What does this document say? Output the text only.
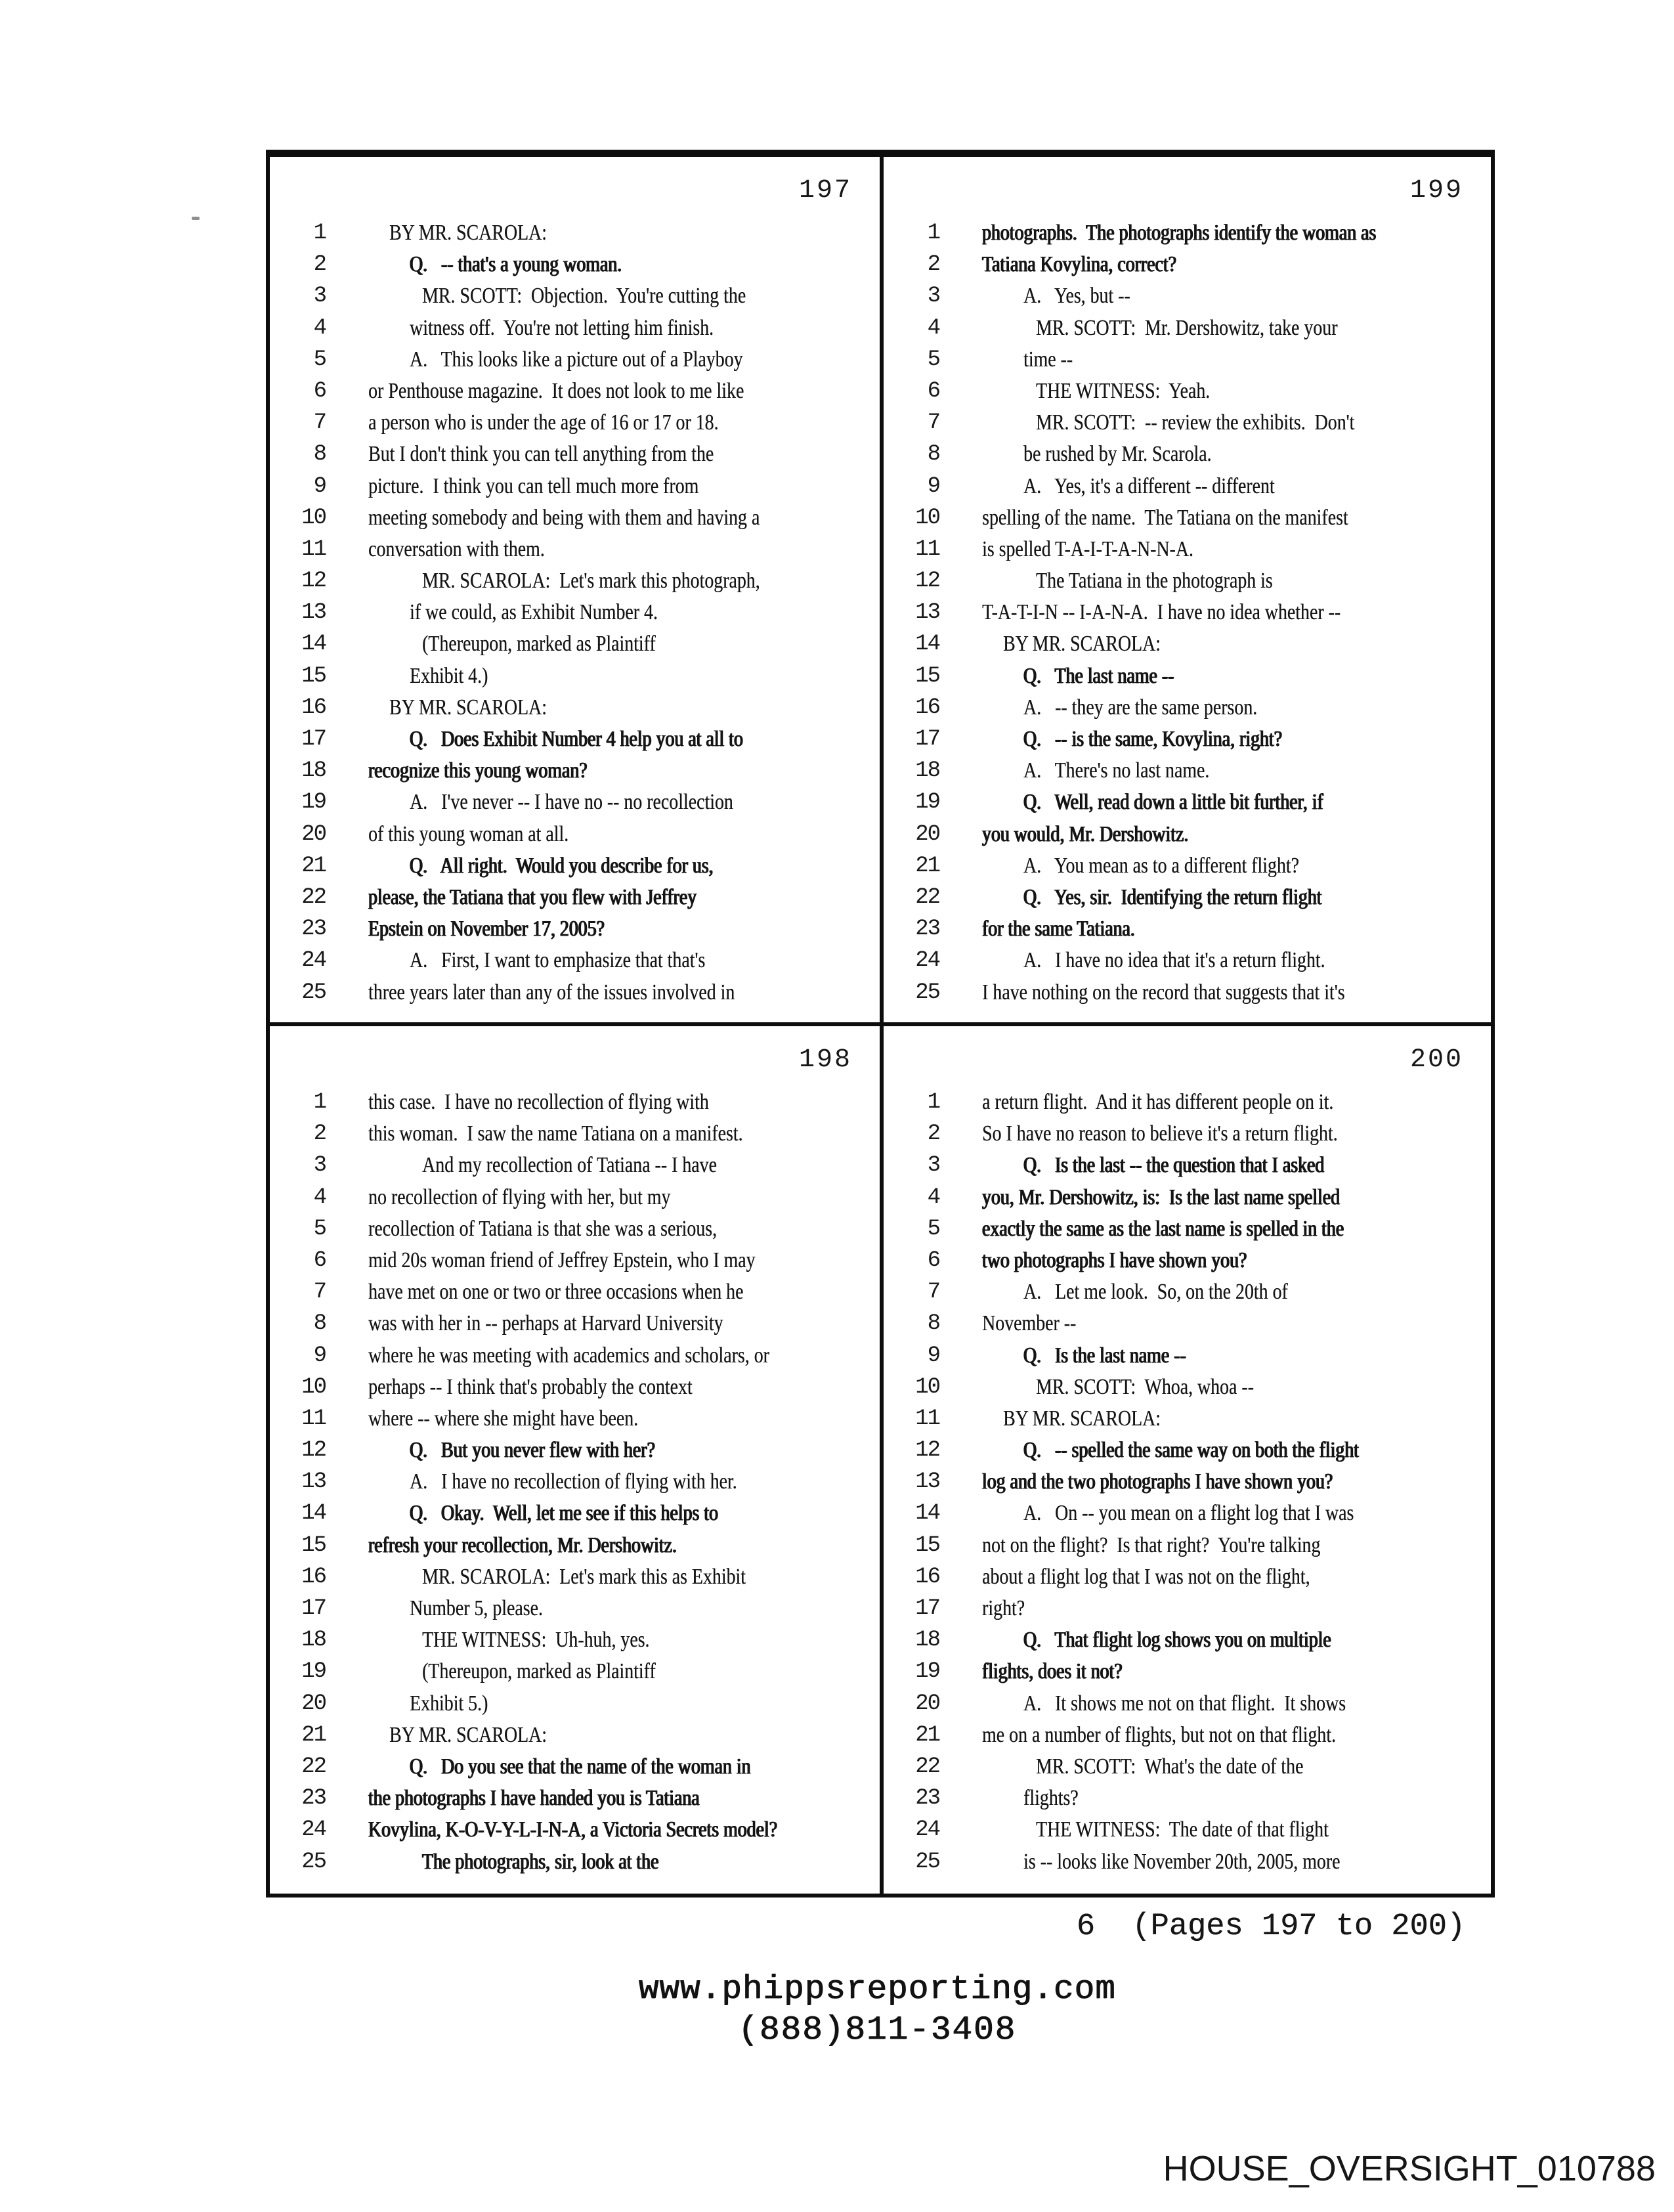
197
1	BY MR. SCAROLA:
2	Q.   -- that's a young woman.
3	MR. SCOTT:  Objection.  You're cutting the
4	witness off.  You're not letting him finish.
5	A.   This looks like a picture out of a Playboy
6 or Penthouse magazine.  It does not look to me like
7 a person who is under the age of 16 or 17 or 18.
8 But I don't think you can tell anything from the
9 picture.  I think you can tell much more from
10 meeting somebody and being with them and having a
11 conversation with them.
12	MR. SCAROLA:  Let's mark this photograph,
13	if we could, as Exhibit Number 4.
14	(Thereupon, marked as Plaintiff
15	Exhibit 4.)
16	BY MR. SCAROLA:
17	Q.   Does Exhibit Number 4 help you at all to
18 recognize this young woman?
19	A.   I've never -- I have no -- no recollection
20 of this young woman at all.
21	Q.   All right.  Would you describe for us,
22 please, the Tatiana that you flew with Jeffrey
23 Epstein on November 17, 2005?
24	A.   First, I want to emphasize that that's
25 three years later than any of the issues involved in
199
1 photographs.  The photographs identify the woman as
2 Tatiana Kovylina, correct?
3	A.   Yes, but --
4	MR. SCOTT:  Mr. Dershowitz, take your
5	time --
6	THE WITNESS:  Yeah.
7	MR. SCOTT:  -- review the exhibits.  Don't
8	be rushed by Mr. Scarola.
9	A.   Yes, it's a different -- different
10 spelling of the name.  The Tatiana on the manifest
11 is spelled T-A-I-T-A-N-N-A.
12	The Tatiana in the photograph is
13 T-A-T-I-N -- I-A-N-A.  I have no idea whether --
14	BY MR. SCAROLA:
15	Q.   The last name --
16	A.   -- they are the same person.
17	Q.   -- is the same, Kovylina, right?
18	A.   There's no last name.
19	Q.   Well, read down a little bit further, if
20 you would, Mr. Dershowitz.
21	A.   You mean as to a different flight?
22	Q.   Yes, sir.  Identifying the return flight
23 for the same Tatiana.
24	A.   I have no idea that it's a return flight.
25 I have nothing on the record that suggests that it's
198
1 this case.  I have no recollection of flying with
2 this woman.  I saw the name Tatiana on a manifest.
3	And my recollection of Tatiana -- I have
4 no recollection of flying with her, but my
5 recollection of Tatiana is that she was a serious,
6 mid 20s woman friend of Jeffrey Epstein, who I may
7 have met on one or two or three occasions when he
8 was with her in -- perhaps at Harvard University
9 where he was meeting with academics and scholars, or
10 perhaps -- I think that's probably the context
11 where -- where she might have been.
12	Q.   But you never flew with her?
13	A.   I have no recollection of flying with her.
14	Q.   Okay.  Well, let me see if this helps to
15 refresh your recollection, Mr. Dershowitz.
16	MR. SCAROLA:  Let's mark this as Exhibit
17	Number 5, please.
18	THE WITNESS:  Uh-huh, yes.
19	(Thereupon, marked as Plaintiff
20	Exhibit 5.)
21	BY MR. SCAROLA:
22	Q.   Do you see that the name of the woman in
23 the photographs I have handed you is Tatiana
24 Kovylina, K-O-V-Y-L-I-N-A, a Victoria Secrets model?
25	The photographs, sir, look at the
200
1 a return flight.  And it has different people on it.
2 So I have no reason to believe it's a return flight.
3	Q.   Is the last -- the question that I asked
4 you, Mr. Dershowitz, is:  Is the last name spelled
5 exactly the same as the last name is spelled in the
6 two photographs I have shown you?
7	A.   Let me look.  So, on the 20th of
8 November --
9	Q.   Is the last name --
10	MR. SCOTT:  Whoa, whoa --
11	BY MR. SCAROLA:
12	Q.   -- spelled the same way on both the flight
13 log and the two photographs I have shown you?
14	A.   On -- you mean on a flight log that I was
15 not on the flight?  Is that right?  You're talking
16 about a flight log that I was not on the flight,
17 right?
18	Q.   That flight log shows you on multiple
19 flights, does it not?
20	A.   It shows me not on that flight.  It shows
21 me on a number of flights, but not on that flight.
22	MR. SCOTT:  What's the date of the
23	flights?
24	THE WITNESS:  The date of that flight
25	is -- looks like November 20th, 2005, more
6  (Pages 197 to 200)
www.phippsreporting.com
(888)811-3408
HOUSE_OVERSIGHT_010788
